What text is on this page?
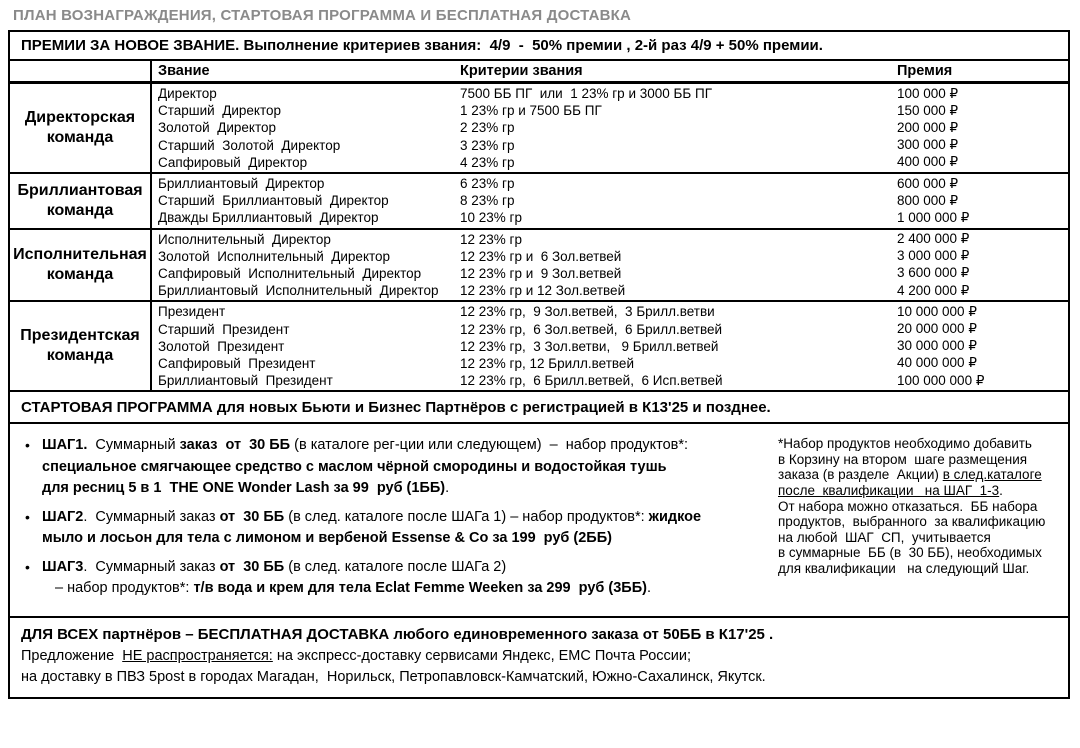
ПЛАН ВОЗНАГРАЖДЕНИЯ, СТАРТОВАЯ ПРОГРАММА И БЕСПЛАТНАЯ ДОСТАВКА
ПРЕМИИ ЗА НОВОЕ ЗВАНИЕ. Выполнение критериев звания:  4/9  -  50% премии , 2-й раз 4/9 + 50% премии.
Звание	Критерии звания	Премия
Директорская команда
Директор	7500 ББ ПГ  или  1 23% гр и 3000 ББ ПГ	100 000 ₽
Старший  Директор	1 23% гр и 7500 ББ ПГ	150 000 ₽
Золотой  Директор	2 23% гр	200 000 ₽
Старший  Золотой  Директор	3 23% гр	300 000 ₽
Сапфировый  Директор	4 23% гр	400 000 ₽
Бриллиантовая команда
Бриллиантовый  Директор	6 23% гр	600 000 ₽
Старший  Бриллиантовый  Директор	8 23% гр	800 000 ₽
Дважды Бриллиантовый  Директор	10 23% гр	1 000 000 ₽
Исполнительная команда
Исполнительный  Директор	12 23% гр	2 400 000 ₽
Золотой  Исполнительный  Директор	12 23% гр и  6 Зол.ветвей	3 000 000 ₽
Сапфировый  Исполнительный  Директор	12 23% гр и  9 Зол.ветвей	3 600 000 ₽
Бриллиантовый  Исполнительный  Директор	12 23% гр и 12 Зол.ветвей	4 200 000 ₽
Президентская команда
Президент	12 23% гр,  9 Зол.ветвей,  3 Брилл.ветви	10 000 000 ₽
Старший  Президент	12 23% гр,  6 Зол.ветвей,  6 Брилл.ветвей	20 000 000 ₽
Золотой  Президент	12 23% гр,  3 Зол.ветви,   9 Брилл.ветвей	30 000 000 ₽
Сапфировый  Президент	12 23% гр, 12 Брилл.ветвей	40 000 000 ₽
Бриллиантовый  Президент	12 23% гр,  6 Брилл.ветвей,  6 Исп.ветвей	100 000 000 ₽
СТАРТОВАЯ ПРОГРАММА для новых Бьюти и Бизнес Партнёров с регистрацией в К13'25 и позднее.
• ШАГ1.  Суммарный заказ  от  30 ББ (в каталоге рег-ции или следующем)  –  набор продуктов*:
специальное смягчающее средство с маслом чёрной смородины и водостойкая тушь
для ресниц 5 в 1  THE ONE Wonder Lash за 99  руб (1ББ).
• ШАГ2.  Суммарный заказ от  30 ББ (в след. каталоге после ШАГа 1) – набор продуктов*: жидкое
мыло и лосьон для тела с лимоном и вербеной Essense & Co за 199  руб (2ББ)
• ШАГ3.  Суммарный заказ от  30 ББ (в след. каталоге после ШАГа 2)
– набор продуктов*: т/в вода и крем для тела Eclat Femme Weeken за 299  руб (3ББ).
*Набор продуктов необходимо добавить
в Корзину на втором  шаге размещения
заказа (в разделе  Акции) в след.каталоге
после  квалификации   на ШАГ  1-3.
От набора можно отказаться.  ББ набора
продуктов,  выбранного  за квалификацию
на любой  ШАГ  СП,  учитывается
в суммарные  ББ (в  30 ББ), необходимых
для квалификации   на следующий Шаг.
ДЛЯ ВСЕХ партнёров – БЕСПЛАТНАЯ ДОСТАВКА любого единовременного заказа от 50ББ в К17'25 .
Предложение  НЕ распространяется: на экспресс-доставку сервисами Яндекс, ЕМС Почта России;
на доставку в ПВЗ 5post в городах Магадан,  Норильск, Петропавловск-Камчатский, Южно-Сахалинск, Якутск.
